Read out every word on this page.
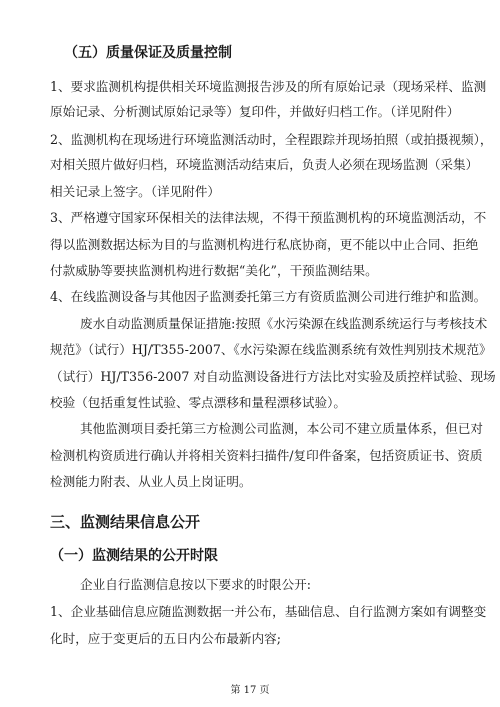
（五）质量保证及质量控制
1、要求监测机构提供相关环境监测报告涉及的所有原始记录（现场采样、监测
原始记录、分析测试原始记录等）复印件，并做好归档工作。（详见附件）
2、监测机构在现场进行环境监测活动时，全程跟踪并现场拍照（或拍摄视频），
对相关照片做好归档，环境监测活动结束后，负责人必须在现场监测（采集）
相关记录上签字。（详见附件）
3、严格遵守国家环保相关的法律法规，不得干预监测机构的环境监测活动，不
得以监测数据达标为目的与监测机构进行私底协商，更不能以中止合同、拒绝
付款威胁等要挟监测机构进行数据“美化”，干预监测结果。
4、在线监测设备与其他因子监测委托第三方有资质监测公司进行维护和监测。
废水自动监测质量保证措施:按照《水污染源在线监测系统运行与考核技术
规范》（试行）HJ/T355-2007、《水污染源在线监测系统有效性判别技术规范》
（试行）HJ/T356-2007 对自动监测设备进行方法比对实验及质控样试验、现场
校验（包括重复性试验、零点漂移和量程漂移试验）。
其他监测项目委托第三方检测公司监测，本公司不建立质量体系，但已对
检测机构资质进行确认并将相关资料扫描件/复印件备案，包括资质证书、资质
检测能力附表、从业人员上岗证明。
三、监测结果信息公开
（一）监测结果的公开时限
企业自行监测信息按以下要求的时限公开:
1、企业基础信息应随监测数据一并公布，基础信息、自行监测方案如有调整变
化时，应于变更后的五日内公布最新内容;
第 17 页
